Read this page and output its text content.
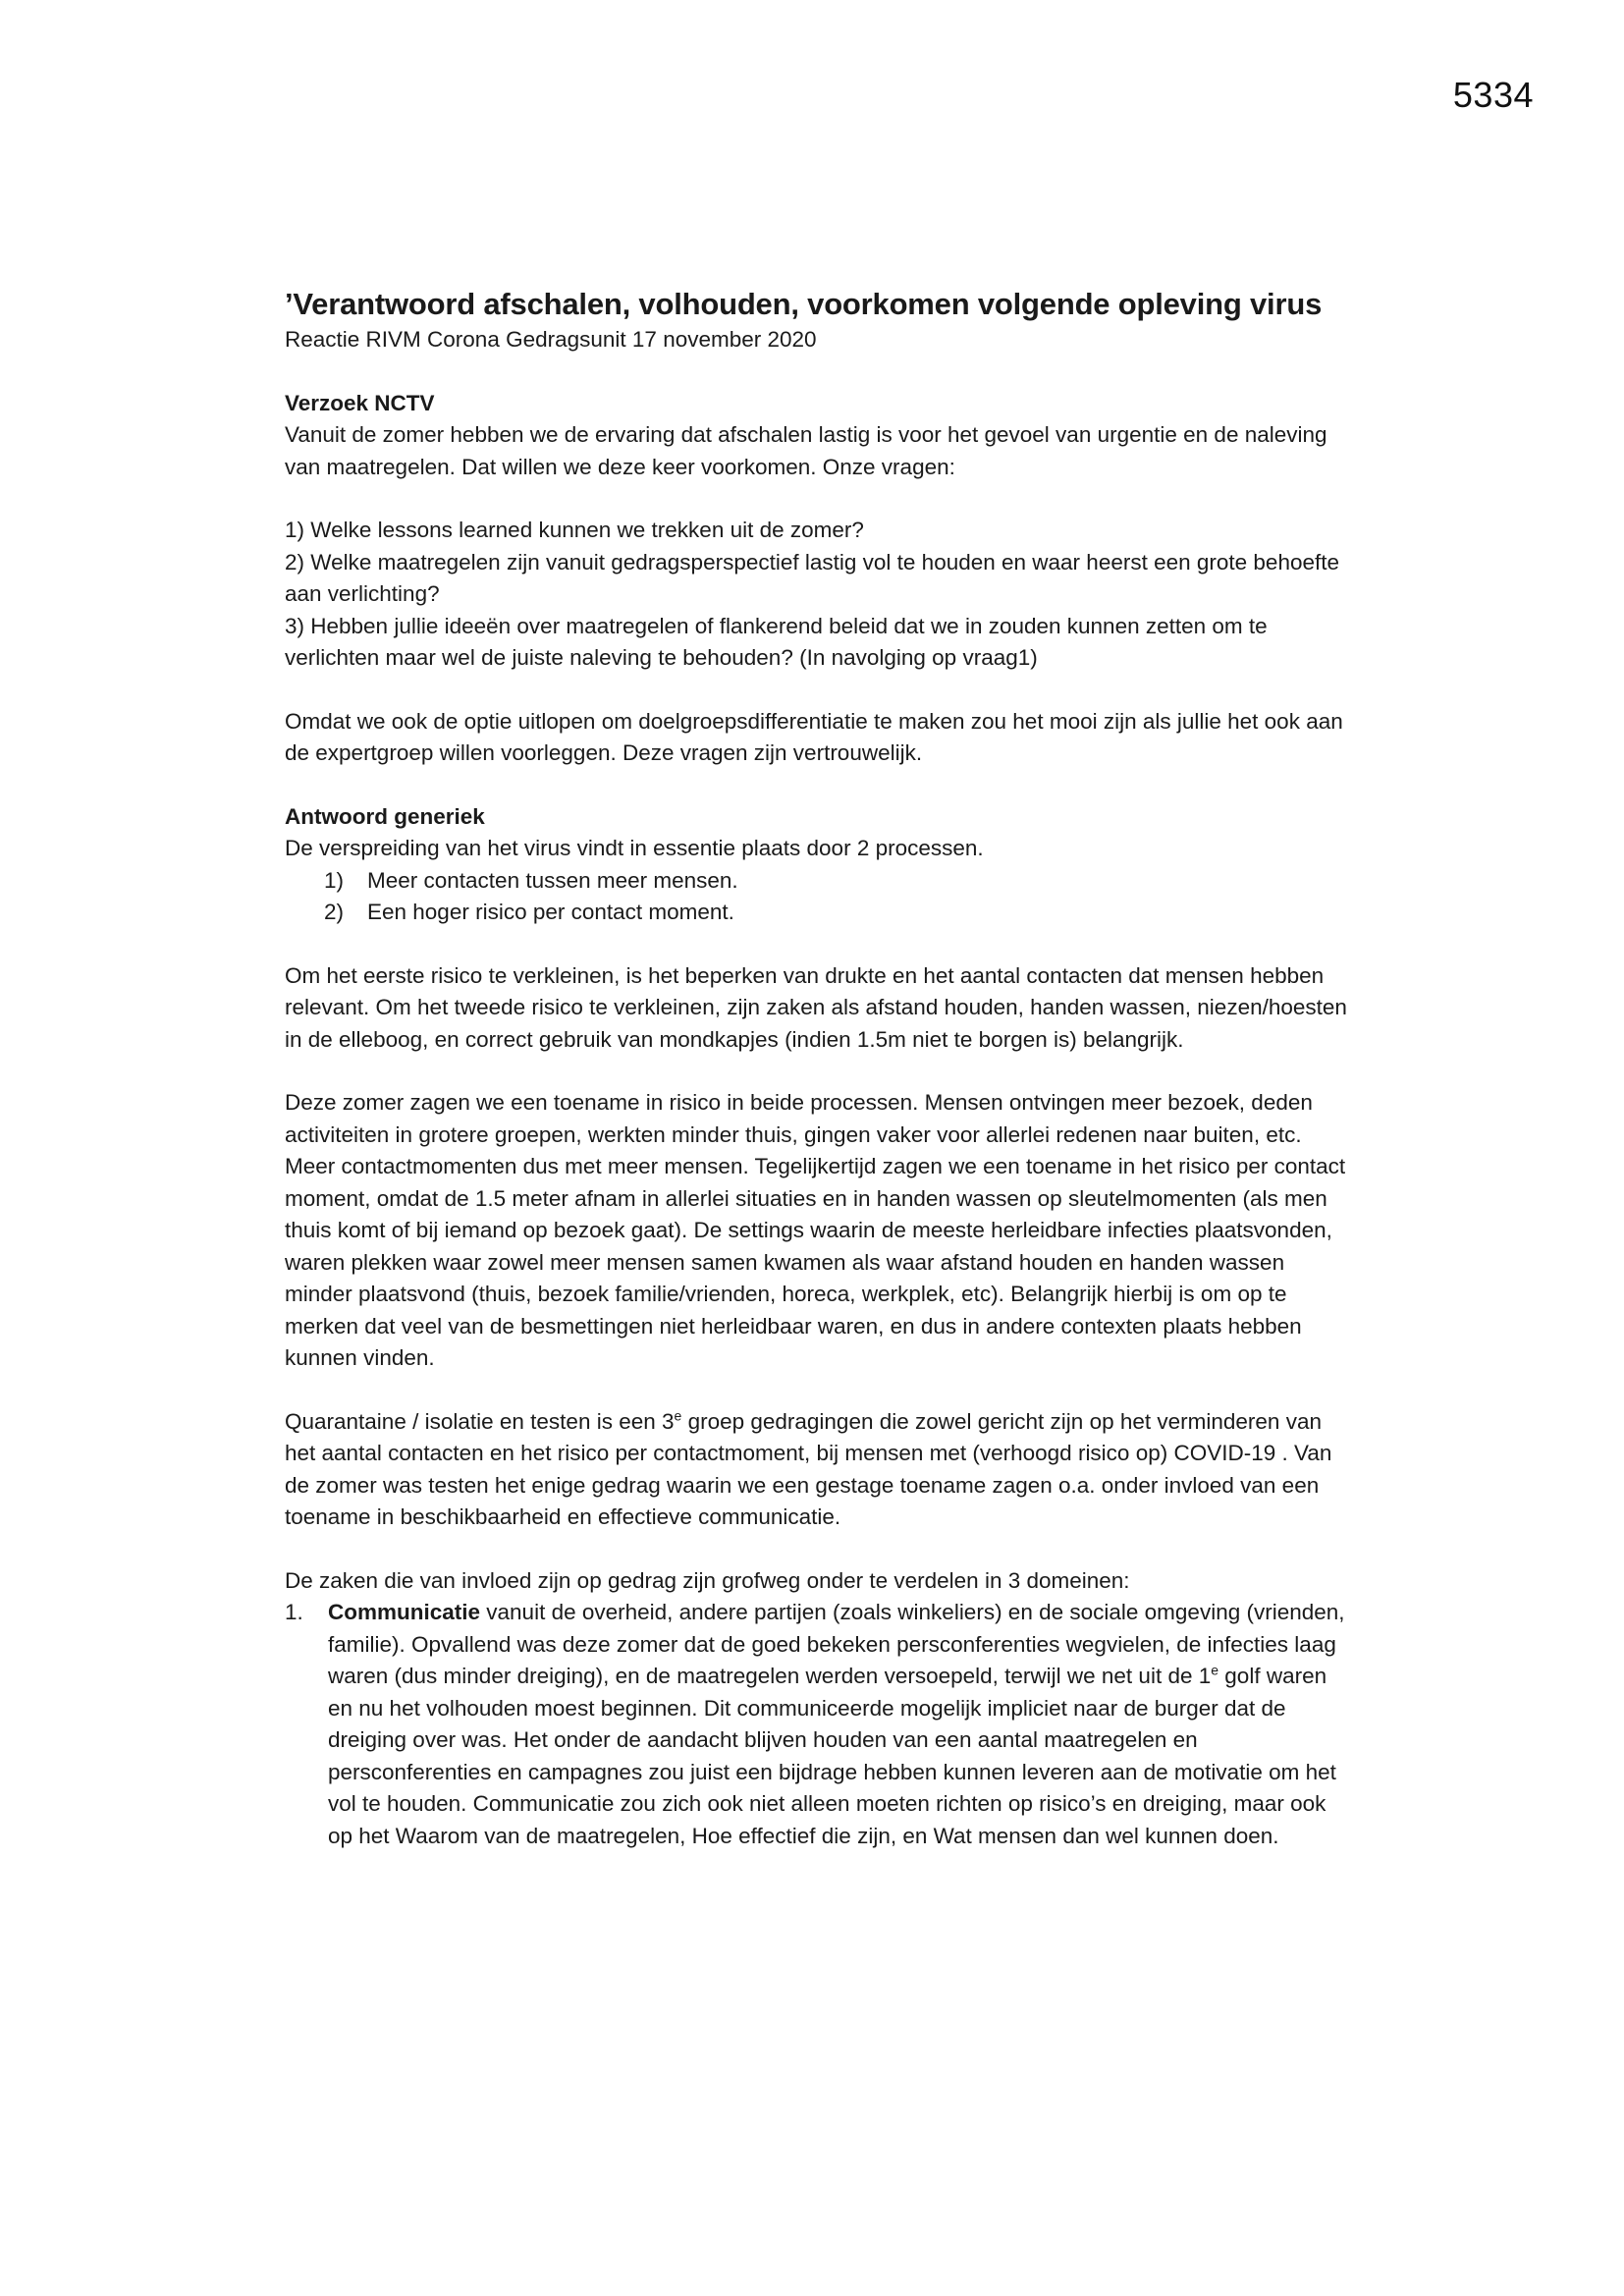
5334
’Verantwoord afschalen, volhouden, voorkomen volgende opleving virus

Reactie RIVM Corona Gedragsunit 17 november 2020

Verzoek NCTV

Vanuit de zomer hebben we de ervaring dat afschalen lastig is voor het gevoel van urgentie en de naleving van maatregelen. Dat willen we deze keer voorkomen. Onze vragen:

1) Welke lessons learned kunnen we trekken uit de zomer?

2) Welke maatregelen zijn vanuit gedragsperspectief lastig vol te houden en waar heerst een grote behoefte aan verlichting?

3) Hebben jullie ideeën over maatregelen of flankerend beleid dat we in zouden kunnen zetten om te verlichten maar wel de juiste naleving te behouden? (In navolging op vraag1)

Omdat we ook de optie uitlopen om doelgroepsdifferentiatie te maken zou het mooi zijn als jullie het ook aan de expertgroep willen voorleggen. Deze vragen zijn vertrouwelijk.

Antwoord generiek

De verspreiding van het virus vindt in essentie plaats door 2 processen.

1)	Meer contacten tussen meer mensen.
2)	Een hoger risico per contact moment.

Om het eerste risico te verkleinen, is het beperken van drukte en het aantal contacten dat mensen hebben relevant. Om het tweede risico te verkleinen, zijn zaken als afstand houden, handen wassen, niezen/hoesten in de elleboog, en correct gebruik van mondkapjes (indien 1.5m niet te borgen is) belangrijk.

Deze zomer zagen we een toename in risico in beide processen. Mensen ontvingen meer bezoek, deden activiteiten in grotere groepen, werkten minder thuis, gingen vaker voor allerlei redenen naar buiten, etc. Meer contactmomenten dus met meer mensen. Tegelijkertijd zagen we een toename in het risico per contact moment, omdat de 1.5 meter afnam in allerlei situaties en in handen wassen op sleutelmomenten (als men thuis komt of bij iemand op bezoek gaat). De settings waarin de meeste herleidbare infecties plaatsvonden, waren plekken waar zowel meer mensen samen kwamen als waar afstand houden en handen wassen minder plaatsvond (thuis, bezoek familie/vrienden, horeca, werkplek, etc). Belangrijk hierbij is om op te merken dat veel van de besmettingen niet herleidbaar waren, en dus in andere contexten plaats hebben kunnen vinden.

Quarantaine / isolatie en testen is een 3e groep gedragingen die zowel gericht zijn op het verminderen van het aantal contacten en het risico per contactmoment, bij mensen met (verhoogd risico op) COVID-19 . Van de zomer was testen het enige gedrag waarin we een gestage toename zagen o.a. onder invloed van een toename in beschikbaarheid en effectieve communicatie.

De zaken die van invloed zijn op gedrag zijn grofweg onder te verdelen in 3 domeinen:

1.	Communicatie vanuit de overheid, andere partijen (zoals winkeliers) en de sociale omgeving (vrienden, familie). Opvallend was deze zomer dat de goed bekeken persconferenties wegvielen, de infecties laag waren (dus minder dreiging), en de maatregelen werden versoepeld, terwijl we net uit de 1e golf waren en nu het volhouden moest beginnen. Dit communiceerde mogelijk impliciet naar de burger dat de dreiging over was. Het onder de aandacht blijven houden van een aantal maatregelen en persconferenties en campagnes zou juist een bijdrage hebben kunnen leveren aan de motivatie om het vol te houden. Communicatie zou zich ook niet alleen moeten richten op risico’s en dreiging, maar ook op het Waarom van de maatregelen, Hoe effectief die zijn, en Wat mensen dan wel kunnen doen.
